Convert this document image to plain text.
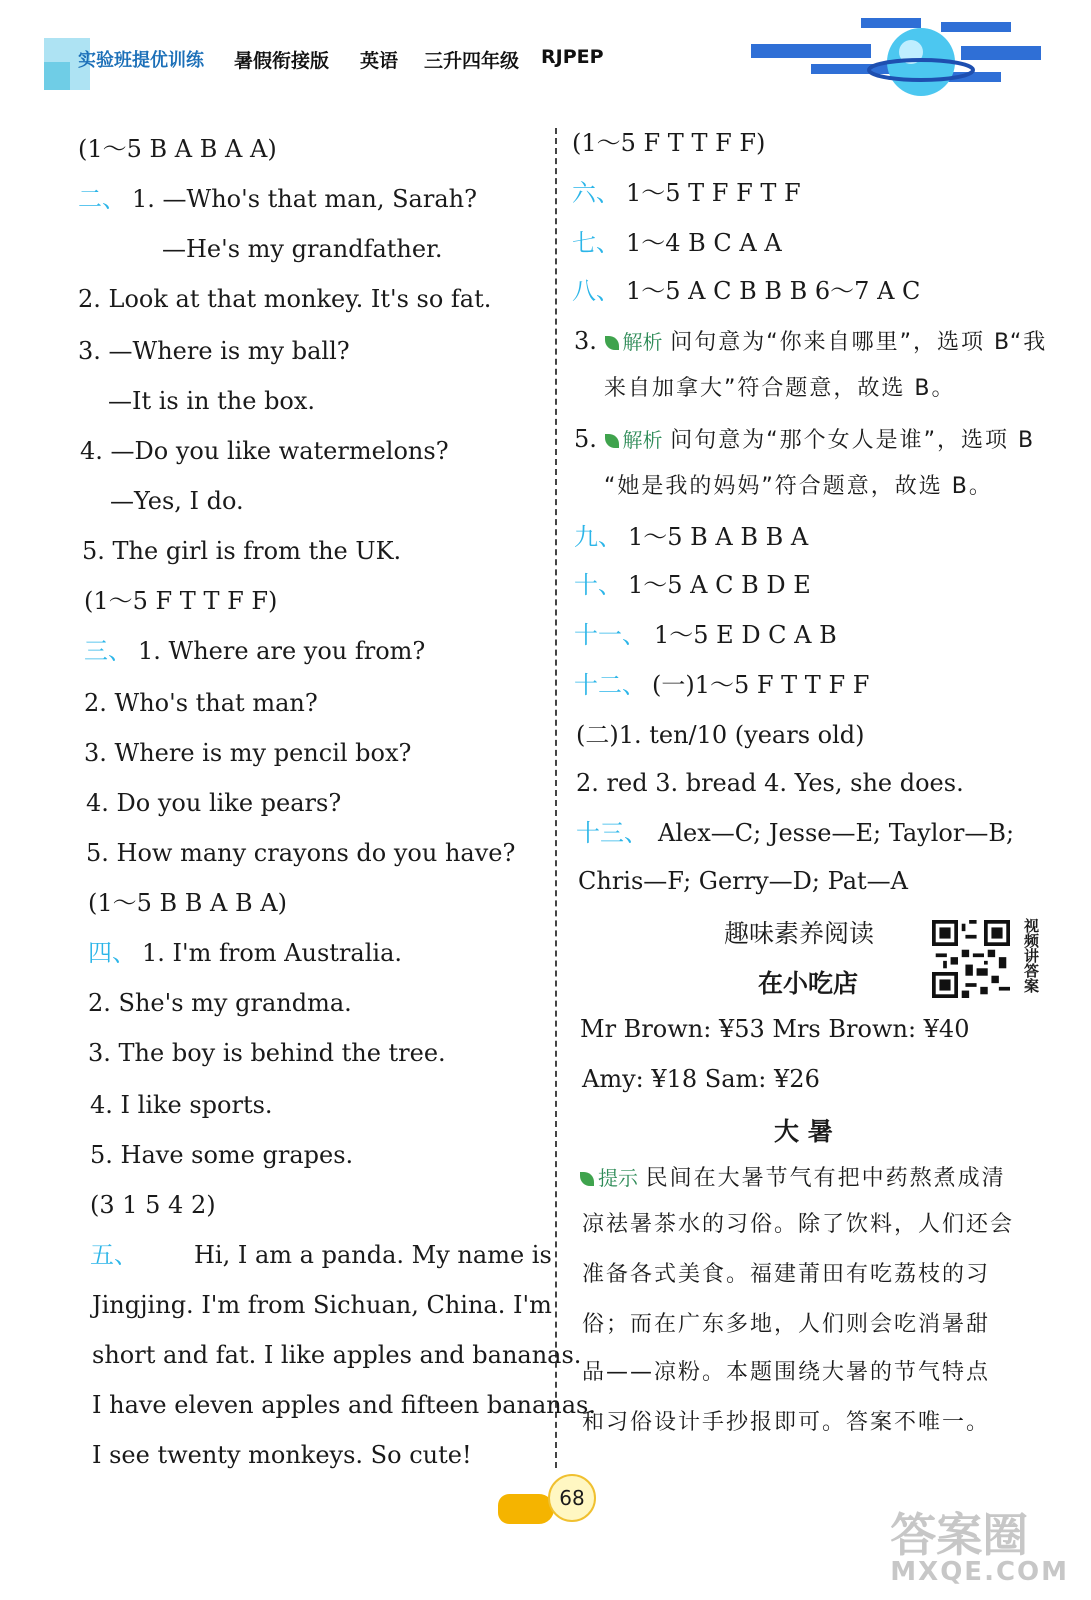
实验班提优训练 暑假衔接版 英语 三升四年级 RJPEP
(1～5 B A B A A)
二、 1. —Who's that man, Sarah?
—He's my grandfather.
2. Look at that monkey. It's so fat.
3. —Where is my ball?
—It is in the box.
4. —Do you like watermelons?
—Yes, I do.
5. The girl is from the UK.
(1～5 F T T F F)
三、 1. Where are you from?
2. Who's that man?
3. Where is my pencil box?
4. Do you like pears?
5. How many crayons do you have?
(1～5 B B A B A)
四、 1. I'm from Australia.
2. She's my grandma.
3. The boy is behind the tree.
4. I like sports.
5. Have some grapes.
(3 1 5 4 2)
五、 Hi, I am a panda. My name is
Jingjing. I'm from Sichuan, China. I'm
short and fat. I like apples and bananas.
I have eleven apples and fifteen bananas.
I see twenty monkeys. So cute!
(1～5 F T T F F)
六、 1～5 T F F T F
七、 1～4 B C A A
八、 1～5 A C B B B 6～7 A C
3. 解析 问句意为“你来自哪里”，选项 B“我
来自加拿大”符合题意，故选 B。
5. 解析 问句意为“那个女人是谁”，选项 B
“她是我的妈妈”符合题意，故选 B。
九、 1～5 B A B B A
十、 1～5 A C B D E
十一、 1～5 E D C A B
十二、 (一)1～5 F T T F F
(二)1. ten/10 (years old)
2. red 3. bread 4. Yes, she does.
十三、 Alex—C; Jesse—E; Taylor—B;
Chris—F; Gerry—D; Pat—A
趣味素养阅读	视频讲答案
在小吃店
Mr Brown: ¥53 Mrs Brown: ¥40
Amy: ¥18 Sam: ¥26
大 暑
提示 民间在大暑节气有把中药熬煮成清
凉祛暑茶水的习俗。除了饮料，人们还会
准备各式美食。福建莆田有吃荔枝的习
俗；而在广东多地，人们则会吃消暑甜
品——凉粉。本题围绕大暑的节气特点
和习俗设计手抄报即可。答案不唯一。
68
答案圈
MXQE.COM
